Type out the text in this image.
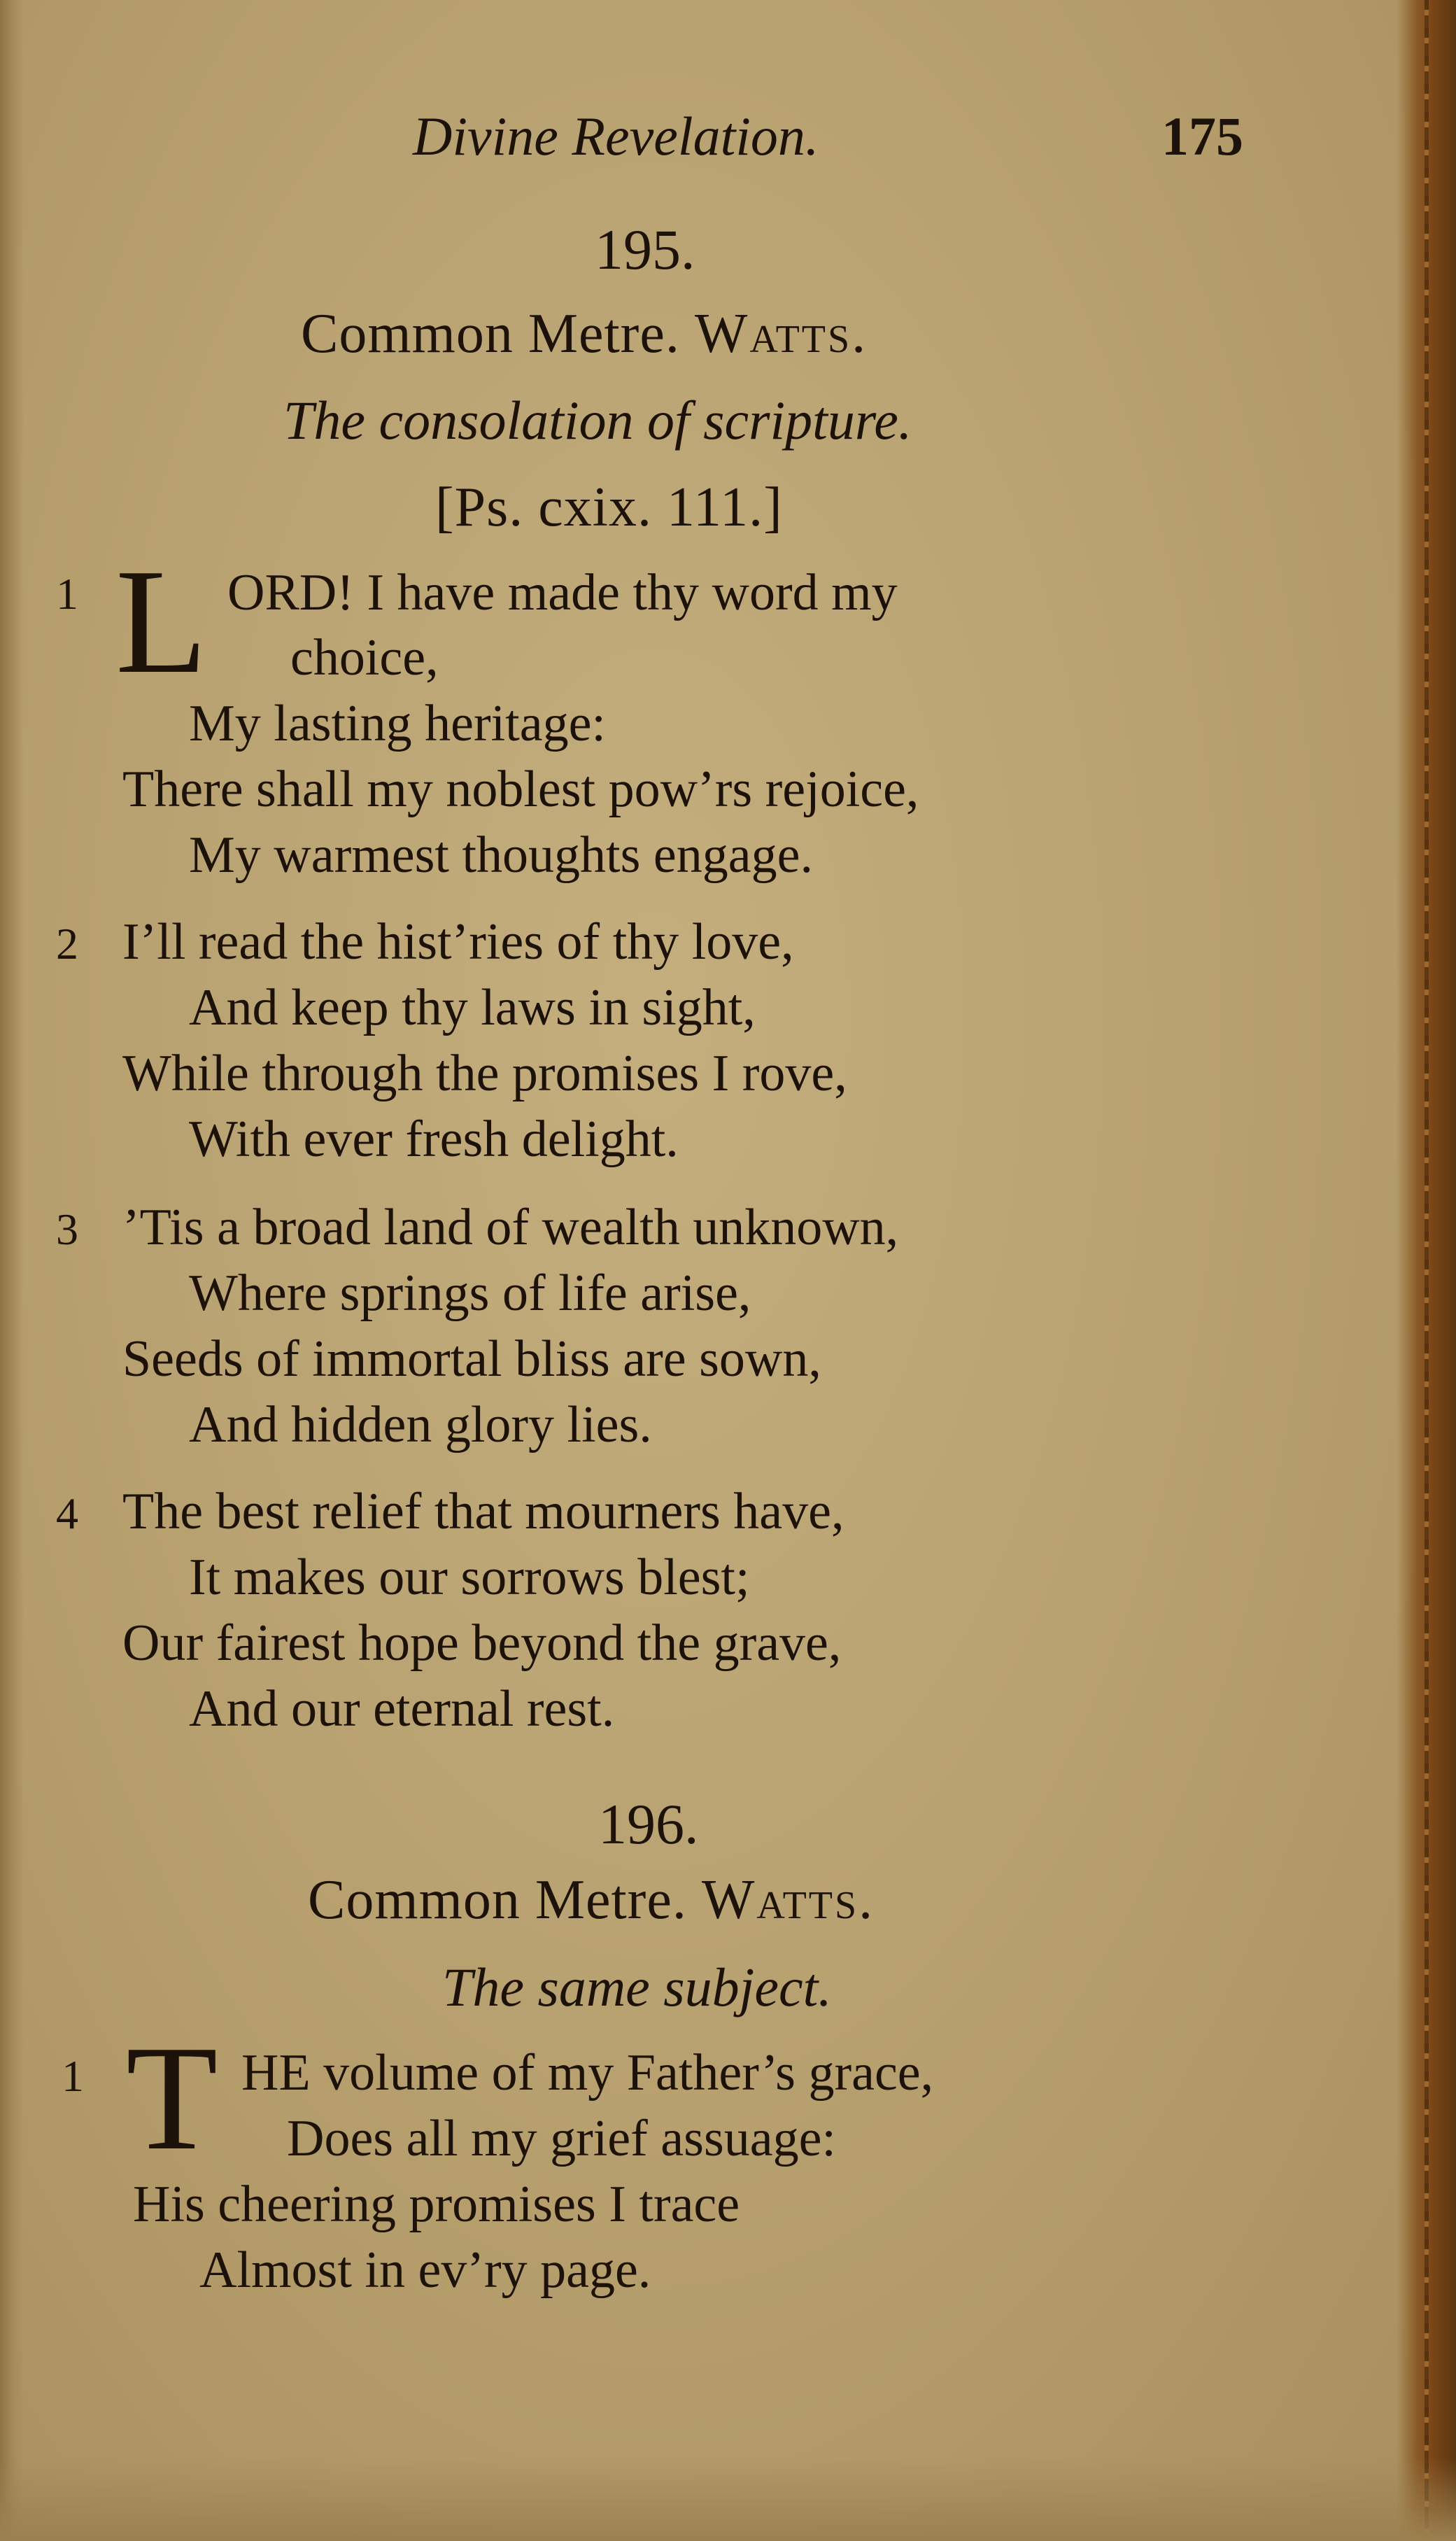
Divine Revelation.	175
195.
Common Metre. Watts.
The consolation of scripture.
[Ps. cxix. 111.]
1 L ORD! I have made thy word my
choice,
My lasting heritage:
There shall my noblest pow’rs rejoice,
My warmest thoughts engage.
2 I’ll read the hist’ries of thy love,
And keep thy laws in sight,
While through the promises I rove,
With ever fresh delight.
3 ’Tis a broad land of wealth unknown,
Where springs of life arise,
Seeds of immortal bliss are sown,
And hidden glory lies.
4 The best relief that mourners have,
It makes our sorrows blest;
Our fairest hope beyond the grave,
And our eternal rest.
196.
Common Metre. Watts.
The same subject.
1 T HE volume of my Father’s grace,
Does all my grief assuage:
His cheering promises I trace
Almost in ev’ry page.
